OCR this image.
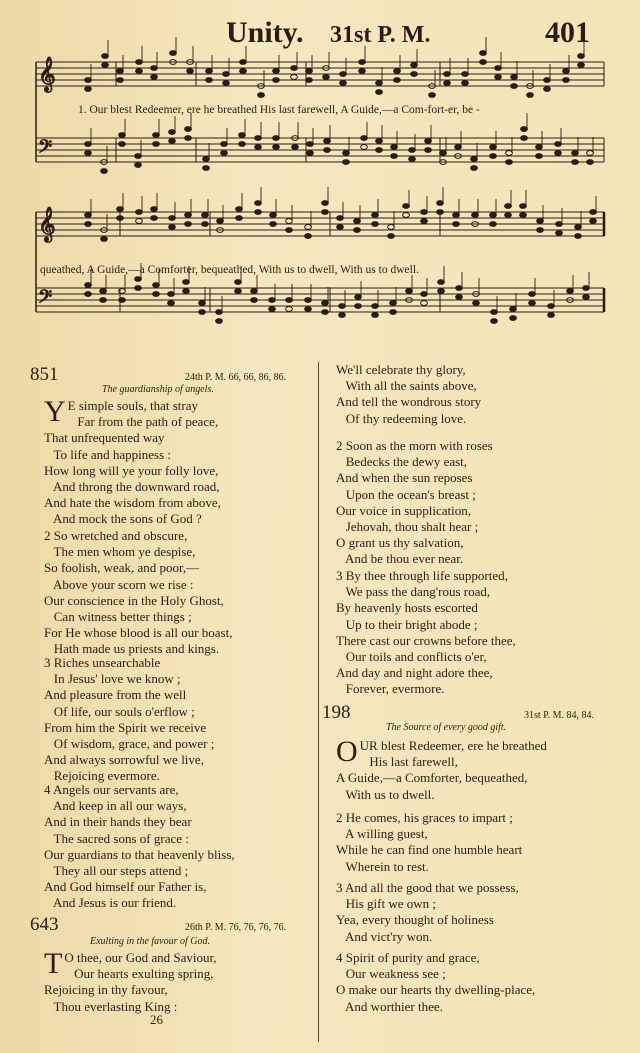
Unity. 31st P. M.	401
𝄞
𝄢
𝄞
𝄢
1. Our blest Redeemer, ere he breathed His last farewell, A Guide,—a Com-fort-er, be -
queathed, A Guide,—a Comforter, bequeathed, With us to dwell, With us to dwell.
851	24th P. M. 66, 66, 86, 86.
The guardianship of angels.
Y E simple souls, that stray
Far from the path of peace,
That unfrequented way
To life and happiness :
How long will ye your folly love,
And throng the downward road,
And hate the wisdom from above,
And mock the sons of God ?
2 So wretched and obscure,
The men whom ye despise,
So foolish, weak, and poor,—
Above your scorn we rise :
Our conscience in the Holy Ghost,
Can witness better things ;
For He whose blood is all our boast,
Hath made us priests and kings.
3 Riches unsearchable
In Jesus' love we know ;
And pleasure from the well
Of life, our souls o'erflow ;
From him the Spirit we receive
Of wisdom, grace, and power ;
And always sorrowful we live,
Rejoicing evermore.
4 Angels our servants are,
And keep in all our ways,
And in their hands they bear
The sacred sons of grace :
Our guardians to that heavenly bliss,
They all our steps attend ;
And God himself our Father is,
And Jesus is our friend.
643	26th P. M. 76, 76, 76, 76.
Exulting in the favour of God.
T O thee, our God and Saviour,
Our hearts exulting spring,
Rejoicing in thy favour,
Thou everlasting King :
We'll celebrate thy glory,
With all the saints above,
And tell the wondrous story
Of thy redeeming love.
2 Soon as the morn with roses
Bedecks the dewy east,
And when the sun reposes
Upon the ocean's breast ;
Our voice in supplication,
Jehovah, thou shalt hear ;
O grant us thy salvation,
And be thou ever near.
3 By thee through life supported,
We pass the dang'rous road,
By heavenly hosts escorted
Up to their bright abode ;
There cast our crowns before thee,
Our toils and conflicts o'er,
And day and night adore thee,
Forever, evermore.
198	31st P. M. 84, 84.
The Source of every good gift.
OUR blest Redeemer, ere he breathed
His last farewell,
A Guide,—a Comforter, bequeathed,
With us to dwell.
2 He comes, his graces to impart ;
A willing guest,
While he can find one humble heart
Wherein to rest.
3 And all the good that we possess,
His gift we own ;
Yea, every thought of holiness
And vict'ry won.
4 Spirit of purity and grace,
Our weakness see ;
O make our hearts thy dwelling-place,
And worthier thee.
26
